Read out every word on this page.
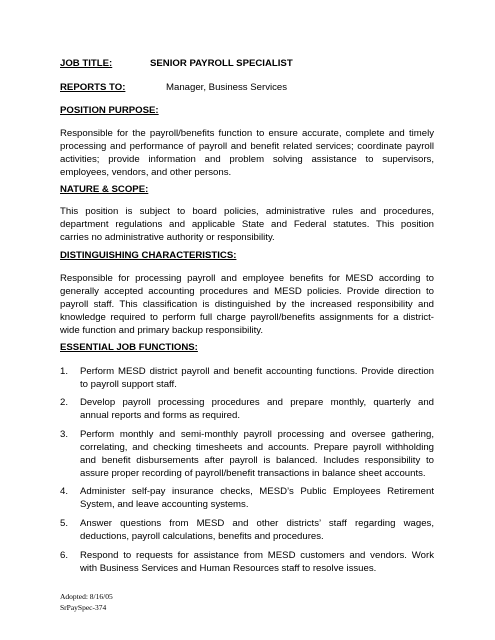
JOB TITLE:	SENIOR PAYROLL SPECIALIST
REPORTS TO:	Manager, Business Services
POSITION PURPOSE:
Responsible for the payroll/benefits function to ensure accurate, complete and timely
processing and performance of payroll and benefit related services; coordinate payroll
activities; provide information and problem solving assistance to supervisors,
employees, vendors, and other persons.
NATURE & SCOPE:
This position is subject to board policies, administrative rules and procedures,
department regulations and applicable State and Federal statutes. This position
carries no administrative authority or responsibility.
DISTINGUISHING CHARACTERISTICS:
Responsible for processing payroll and employee benefits for MESD according to
generally accepted accounting procedures and MESD policies. Provide direction to
payroll staff. This classification is distinguished by the increased responsibility and
knowledge required to perform full charge payroll/benefits assignments for a district-
wide function and primary backup responsibility.
ESSENTIAL JOB FUNCTIONS:
1. Perform MESD district payroll and benefit accounting functions. Provide direction
to payroll support staff.
2. Develop payroll processing procedures and prepare monthly, quarterly and
annual reports and forms as required.
3. Perform monthly and semi-monthly payroll processing and oversee gathering,
correlating, and checking timesheets and accounts. Prepare payroll withholding
and benefit disbursements after payroll is balanced. Includes responsibility to
assure proper recording of payroll/benefit transactions in balance sheet accounts.
4. Administer self-pay insurance checks, MESD’s Public Employees Retirement
System, and leave accounting systems.
5. Answer questions from MESD and other districts’ staff regarding wages,
deductions, payroll calculations, benefits and procedures.
6. Respond to requests for assistance from MESD customers and vendors. Work
with Business Services and Human Resources staff to resolve issues.
Adopted: 8/16/05
SrPaySpec-374
